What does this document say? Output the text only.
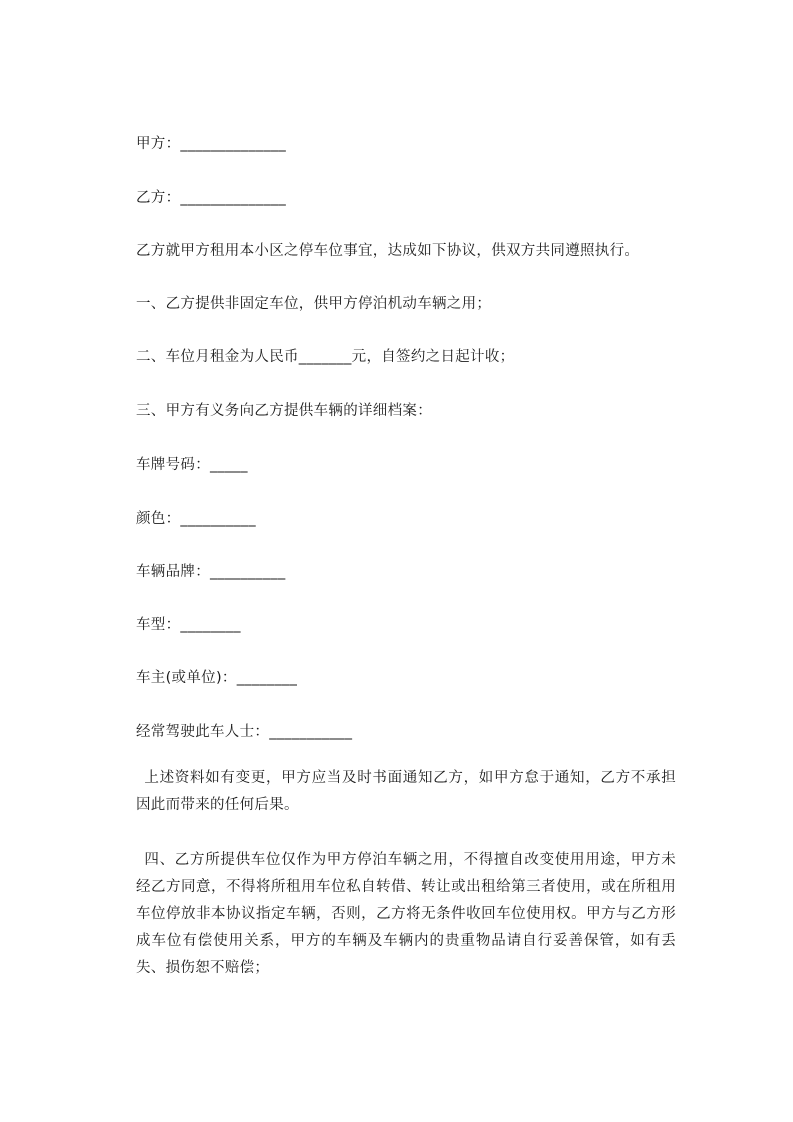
甲方：______________
乙方：______________
乙方就甲方租用本小区之停车位事宜，达成如下协议，供双方共同遵照执行。
一、乙方提供非固定车位，供甲方停泊机动车辆之用；
二、车位月租金为人民币_______元，自签约之日起计收；
三、甲方有义务向乙方提供车辆的详细档案：
车牌号码：_____
颜色：__________
车辆品牌：__________
车型：________
车主(或单位)：________
经常驾驶此车人士：___________
上述资料如有变更，甲方应当及时书面通知乙方，如甲方怠于通知，乙方不承担因此而带来的任何后果。
四、乙方所提供车位仅作为甲方停泊车辆之用，不得擅自改变使用用途，甲方未经乙方同意，不得将所租用车位私自转借、转让或出租给第三者使用，或在所租用车位停放非本协议指定车辆，否则，乙方将无条件收回车位使用权。甲方与乙方形成车位有偿使用关系，甲方的车辆及车辆内的贵重物品请自行妥善保管，如有丢失、损伤恕不赔偿；
